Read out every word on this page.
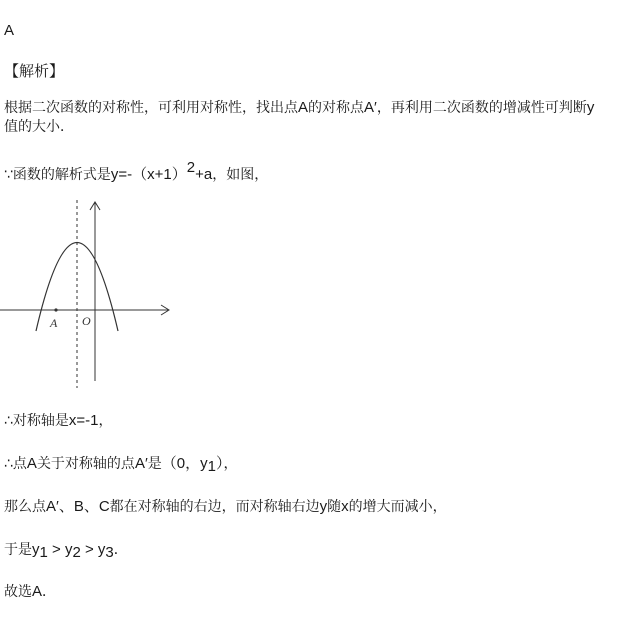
A
【解析】
根据二次函数的对称性，可利用对称性，找出点A的对称点A′，再利用二次函数的增减性可判断y
值的大小．
∵函数的解析式是$y=-(x+1)^2+a$，如图，
A O
∴对称轴是x=-1，
∴点A关于对称轴的点A′是（0，$y_1$），
那么点A′、B、C都在对称轴的右边，而对称轴右边y随x的增大而减小，
于是$y_1 > y_2 > y_3$．
故选A．
